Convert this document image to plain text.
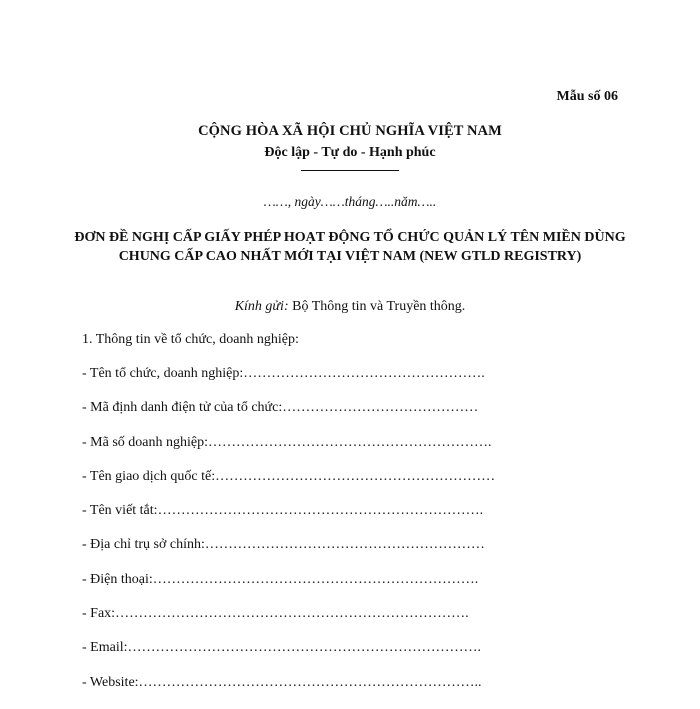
Mẫu số 06
CỘNG HÒA XÃ HỘI CHỦ NGHĨA VIỆT NAM
Độc lập - Tự do - Hạnh phúc
……, ngày……tháng…..năm…..
ĐƠN ĐỀ NGHỊ CẤP GIẤY PHÉP HOẠT ĐỘNG TỔ CHỨC QUẢN LÝ TÊN MIỀN DÙNG CHUNG CẤP CAO NHẤT MỚI TẠI VIỆT NAM (NEW GTLD REGISTRY)
Kính gửi: Bộ Thông tin và Truyền thông.
1. Thông tin về tổ chức, doanh nghiệp:
- Tên tổ chức, doanh nghiệp:…………………………………………….
- Mã định danh điện tử của tổ chức:……………………………………
- Mã số doanh nghiệp:…………………………………………………….
- Tên giao dịch quốc tế:……………………………………………………
- Tên viết tắt:…………………………………………………………….
- Địa chỉ trụ sở chính:……………………………………………………
- Điện thoại:…………………………………………………………….
- Fax:………………………………………………………………….
- Email:………………………………………………………………….
- Website:………………………………………………………………..
